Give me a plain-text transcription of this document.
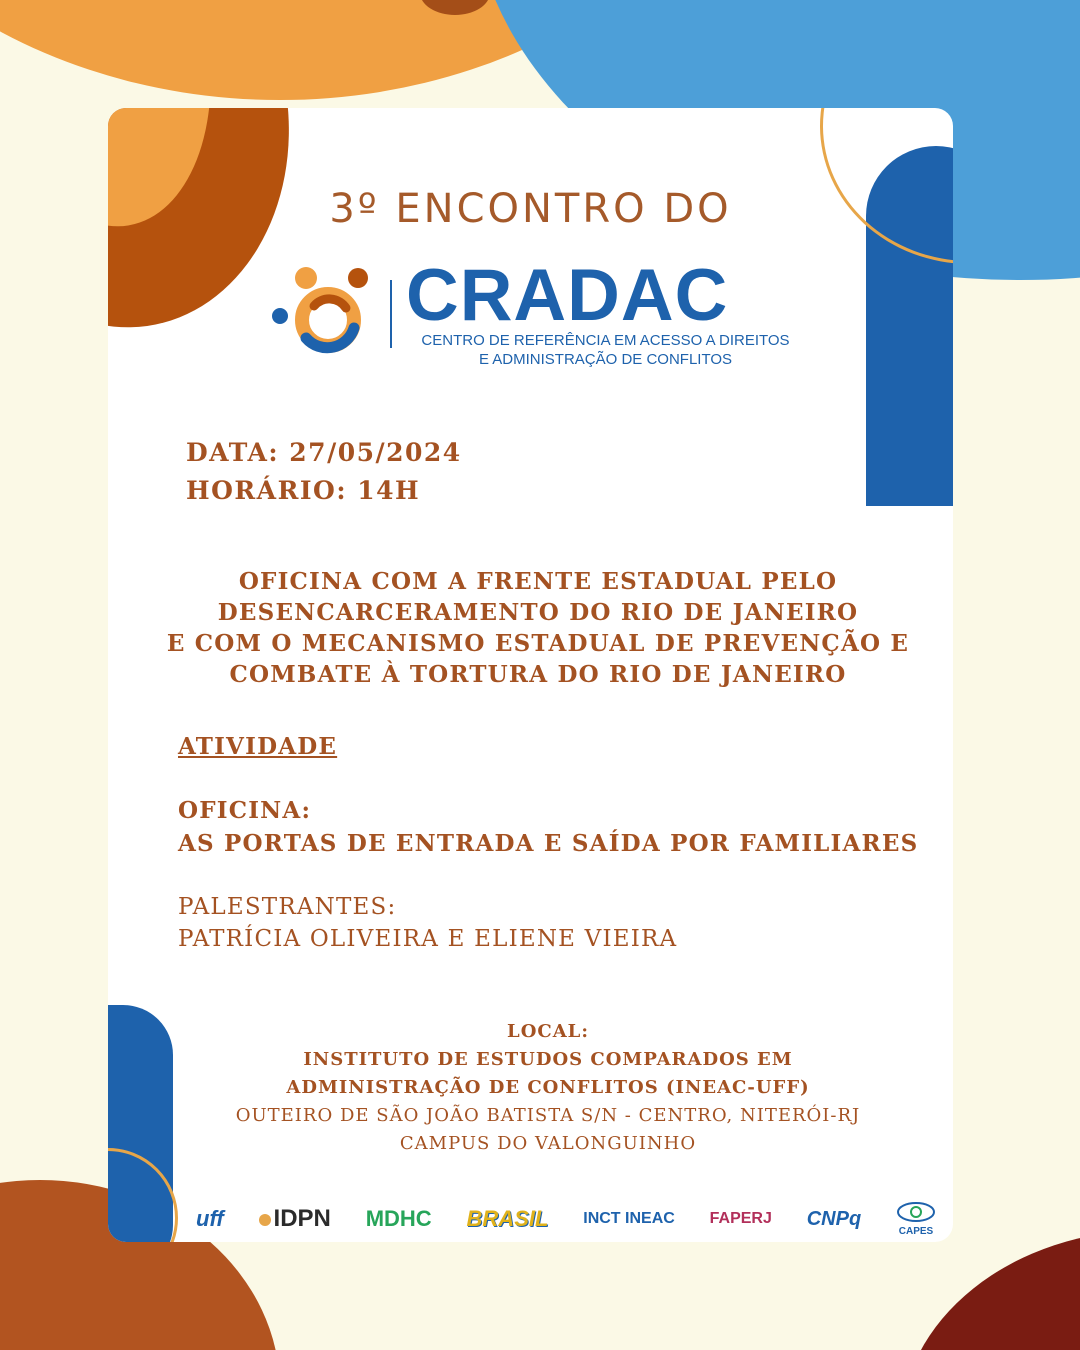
3º ENCONTRO DO
CRADAC
CENTRO DE REFERÊNCIA EM ACESSO A DIREITOS
E ADMINISTRAÇÃO DE CONFLITOS
DATA: 27/05/2024
HORÁRIO: 14H
OFICINA COM A FRENTE ESTADUAL PELO
DESENCARCERAMENTO DO RIO DE JANEIRO
E COM O MECANISMO ESTADUAL DE PREVENÇÃO E
COMBATE À TORTURA DO RIO DE JANEIRO
ATIVIDADE
OFICINA:
AS PORTAS DE ENTRADA E SAÍDA POR FAMILIARES
PALESTRANTES:
PATRÍCIA OLIVEIRA E ELIENE VIEIRA
LOCAL:
INSTITUTO DE ESTUDOS COMPARADOS EM
ADMINISTRAÇÃO DE CONFLITOS (INEAC-UFF)
OUTEIRO DE SÃO JOÃO BATISTA S/N - CENTRO, NITERÓI-RJ
CAMPUS DO VALONGUINHO
uff	IDPN MDHC BRASIL INCT INEAC FAPERJ CNPq
CAPES
